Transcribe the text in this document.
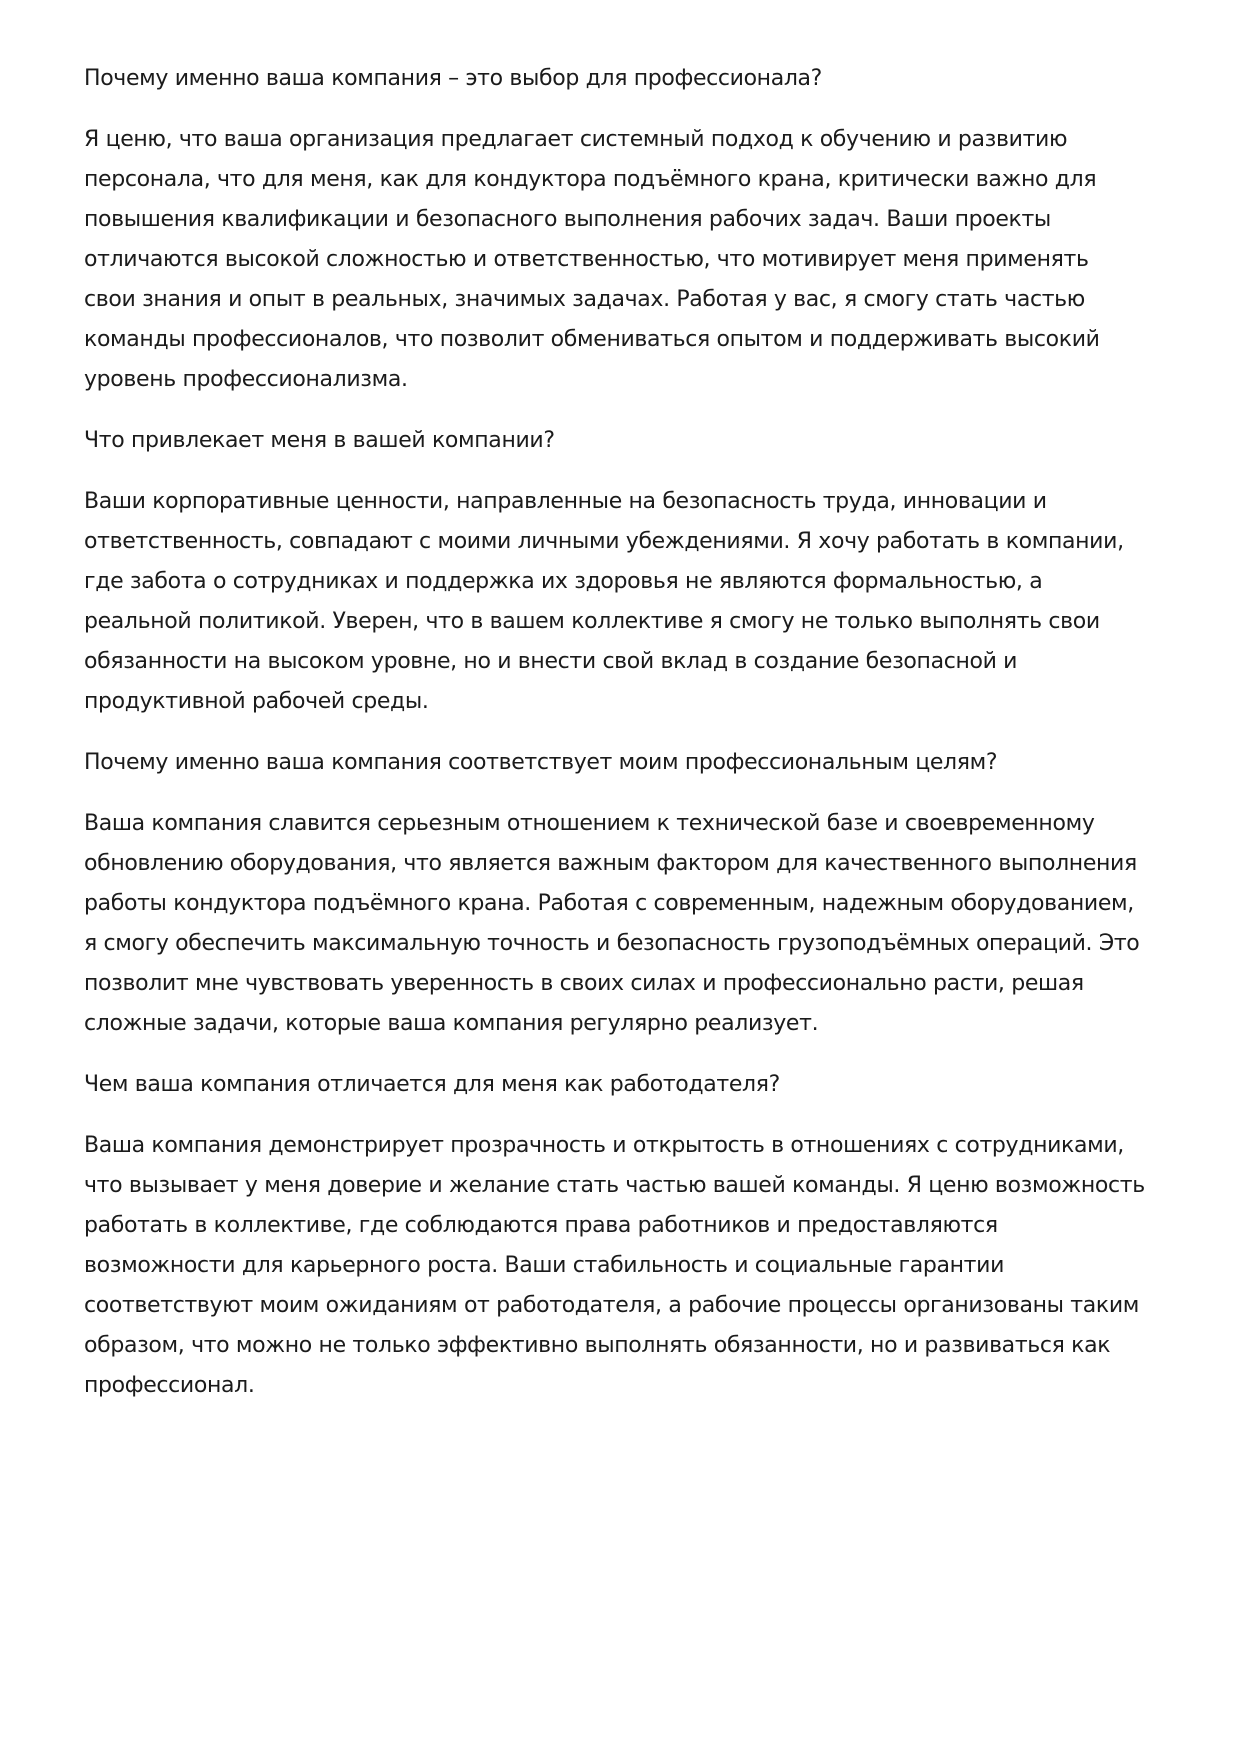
Почему именно ваша компания – это выбор для профессионала?

Я ценю, что ваша организация предлагает системный подход к обучению и развитию
персонала, что для меня, как для кондуктора подъёмного крана, критически важно для
повышения квалификации и безопасного выполнения рабочих задач. Ваши проекты
отличаются высокой сложностью и ответственностью, что мотивирует меня применять
свои знания и опыт в реальных, значимых задачах. Работая у вас, я смогу стать частью
команды профессионалов, что позволит обмениваться опытом и поддерживать высокий
уровень профессионализма.

Что привлекает меня в вашей компании?

Ваши корпоративные ценности, направленные на безопасность труда, инновации и
ответственность, совпадают с моими личными убеждениями. Я хочу работать в компании,
где забота о сотрудниках и поддержка их здоровья не являются формальностью, а
реальной политикой. Уверен, что в вашем коллективе я смогу не только выполнять свои
обязанности на высоком уровне, но и внести свой вклад в создание безопасной и
продуктивной рабочей среды.

Почему именно ваша компания соответствует моим профессиональным целям?

Ваша компания славится серьезным отношением к технической базе и своевременному
обновлению оборудования, что является важным фактором для качественного выполнения
работы кондуктора подъёмного крана. Работая с современным, надежным оборудованием,
я смогу обеспечить максимальную точность и безопасность грузоподъёмных операций. Это
позволит мне чувствовать уверенность в своих силах и профессионально расти, решая
сложные задачи, которые ваша компания регулярно реализует.

Чем ваша компания отличается для меня как работодателя?

Ваша компания демонстрирует прозрачность и открытость в отношениях с сотрудниками,
что вызывает у меня доверие и желание стать частью вашей команды. Я ценю возможность
работать в коллективе, где соблюдаются права работников и предоставляются
возможности для карьерного роста. Ваши стабильность и социальные гарантии
соответствуют моим ожиданиям от работодателя, а рабочие процессы организованы таким
образом, что можно не только эффективно выполнять обязанности, но и развиваться как
профессионал.
